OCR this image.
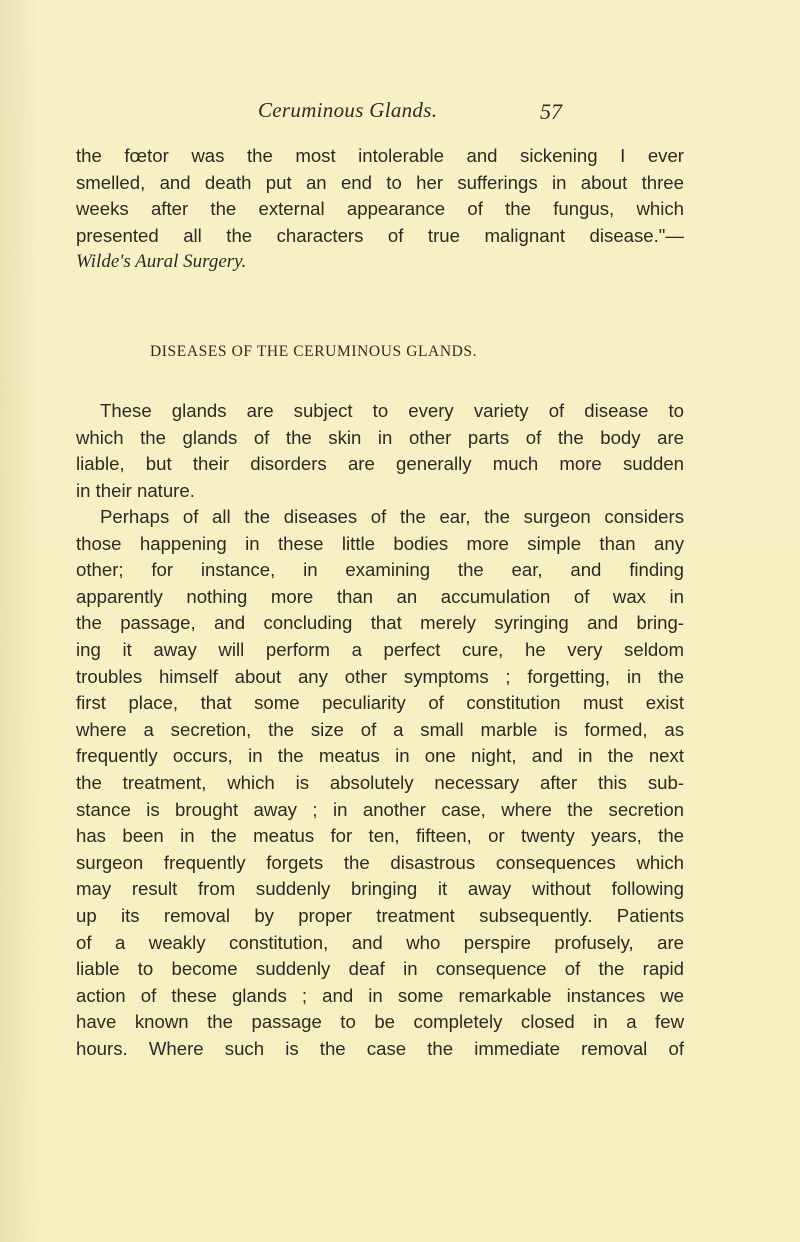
Ceruminous Glands.	57
the fœtor was the most intolerable and sickening I ever
smelled, and death put an end to her sufferings in about three
weeks after the external appearance of the fungus, which
presented all the characters of true malignant disease."—
Wilde's Aural Surgery.
DISEASES OF THE CERUMINOUS GLANDS.
These glands are subject to every variety of disease to
which the glands of the skin in other parts of the body are
liable, but their disorders are generally much more sudden
in their nature.
Perhaps of all the diseases of the ear, the surgeon considers
those happening in these little bodies more simple than any
other; for instance, in examining the ear, and finding
apparently nothing more than an accumulation of wax in
the passage, and concluding that merely syringing and bring-
ing it away will perform a perfect cure, he very seldom
troubles himself about any other symptoms ; forgetting, in the
first place, that some peculiarity of constitution must exist
where a secretion, the size of a small marble is formed, as
frequently occurs, in the meatus in one night, and in the next
the treatment, which is absolutely necessary after this sub-
stance is brought away ; in another case, where the secretion
has been in the meatus for ten, fifteen, or twenty years, the
surgeon frequently forgets the disastrous consequences which
may result from suddenly bringing it away without following
up its removal by proper treatment subsequently. Patients
of a weakly constitution, and who perspire profusely, are
liable to become suddenly deaf in consequence of the rapid
action of these glands ; and in some remarkable instances we
have known the passage to be completely closed in a few
hours. Where such is the case the immediate removal of
